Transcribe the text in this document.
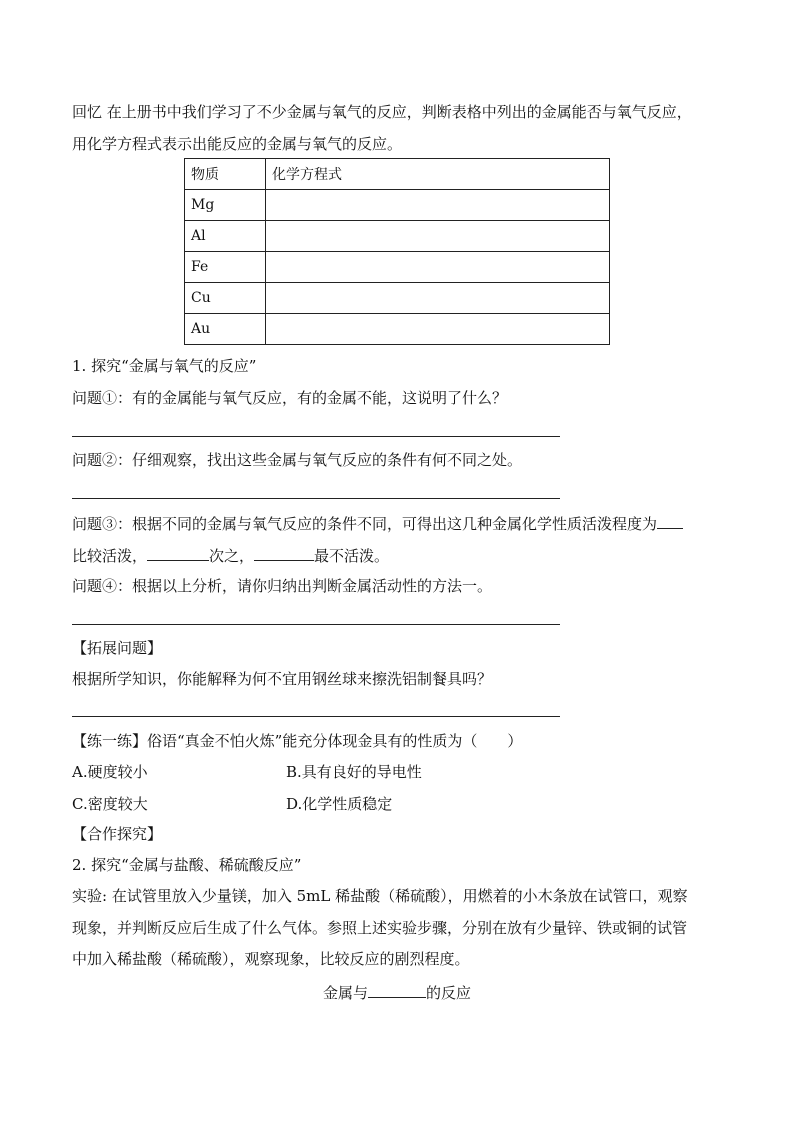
回忆 在上册书中我们学习了不少金属与氧气的反应，判断表格中列出的金属能否与氧气反应，
用化学方程式表示出能反应的金属与氧气的反应。
物质	化学方程式
Mg	
Al	
Fe	
Cu	
Au	
1. 探究“金属与氧气的反应”
问题①：有的金属能与氧气反应，有的金属不能，这说明了什么？
问题②：仔细观察，找出这些金属与氧气反应的条件有何不同之处。
问题③：根据不同的金属与氧气反应的条件不同，可得出这几种金属化学性质活泼程度为
比较活泼，	次之，	最不活泼。
问题④：根据以上分析，请你归纳出判断金属活动性的方法一。
【拓展问题】
根据所学知识，你能解释为何不宜用钢丝球来擦洗铝制餐具吗？
【练一练】俗语“真金不怕火炼”能充分体现金具有的性质为（　　）
A.硬度较小	B.具有良好的导电性
C.密度较大	D.化学性质稳定
【合作探究】
2. 探究“金属与盐酸、稀硫酸反应”
实验: 在试管里放入少量镁，加入 5mL 稀盐酸（稀硫酸），用燃着的小木条放在试管口，观察
现象，并判断反应后生成了什么气体。参照上述实验步骤，分别在放有少量锌、铁或铜的试管
中加入稀盐酸（稀硫酸），观察现象，比较反应的剧烈程度。
金属与	的反应
